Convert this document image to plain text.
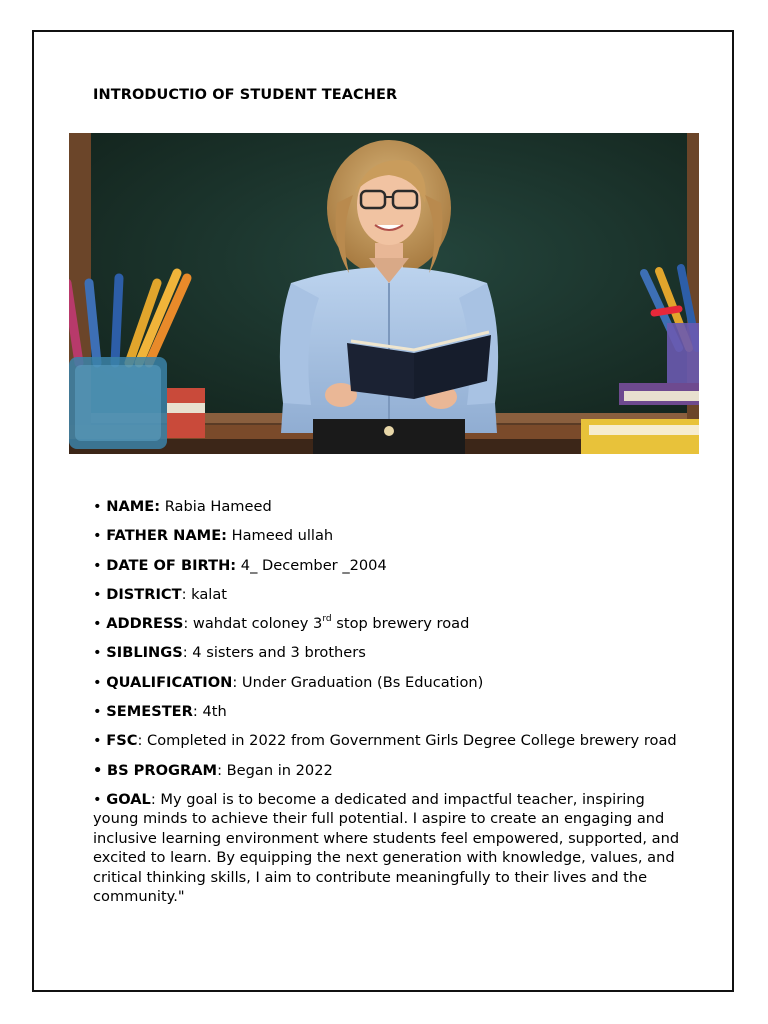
INTRODUCTIO OF STUDENT TEACHER
• NAME: Rabia Hameed
• FATHER NAME: Hameed ullah
• DATE OF BIRTH: 4_ December _2004
• DISTRICT: kalat
• ADDRESS: wahdat coloney 3rd stop brewery road
• SIBLINGS: 4 sisters and 3 brothers
• QUALIFICATION: Under Graduation (Bs Education)
• SEMESTER: 4th
• FSC: Completed in 2022 from Government Girls Degree College brewery road
• BS PROGRAM: Began in 2022
• GOAL: My goal is to become a dedicated and impactful teacher, inspiring young minds to achieve their full potential. I aspire to create an engaging and inclusive learning environment where students feel empowered, supported, and excited to learn. By equipping the next generation with knowledge, values, and critical thinking skills, I aim to contribute meaningfully to their lives and the community."
